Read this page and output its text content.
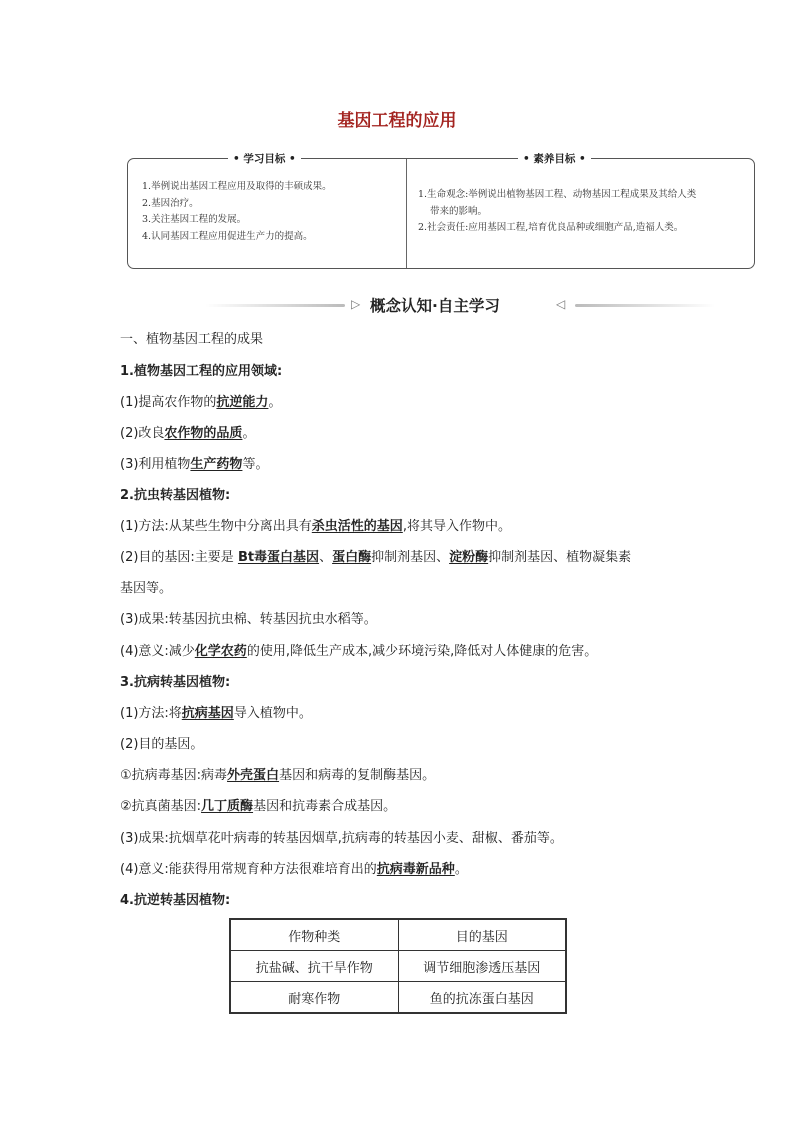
基因工程的应用
• 学习目标 •	• 素养目标 •
1.举例说出基因工程应用及取得的丰硕成果。
2.基因治疗。
3.关注基因工程的发展。
4.认同基因工程应用促进生产力的提高。
1.生命观念:举例说出植物基因工程、动物基因工程成果及其给人类
带来的影响。
2.社会责任:应用基因工程,培育优良品种或细胞产品,造福人类。
▷ 概念认知·自主学习	◁
一、植物基因工程的成果
1.植物基因工程的应用领域:
(1)提高农作物的抗逆能力。
(2)改良农作物的品质。
(3)利用植物生产药物等。
2.抗虫转基因植物:
(1)方法:从某些生物中分离出具有杀虫活性的基因,将其导入作物中。
(2)目的基因:主要是 Bt毒蛋白基因、蛋白酶抑制剂基因、淀粉酶抑制剂基因、植物凝集素
基因等。
(3)成果:转基因抗虫棉、转基因抗虫水稻等。
(4)意义:减少化学农药的使用,降低生产成本,减少环境污染,降低对人体健康的危害。
3.抗病转基因植物:
(1)方法:将抗病基因导入植物中。
(2)目的基因。
①抗病毒基因:病毒外壳蛋白基因和病毒的复制酶基因。
②抗真菌基因:几丁质酶基因和抗毒素合成基因。
(3)成果:抗烟草花叶病毒的转基因烟草,抗病毒的转基因小麦、甜椒、番茄等。
(4)意义:能获得用常规育种方法很难培育出的抗病毒新品种。
4.抗逆转基因植物:
作物种类	目的基因
抗盐碱、抗干旱作物	调节细胞渗透压基因
耐寒作物	鱼的抗冻蛋白基因
